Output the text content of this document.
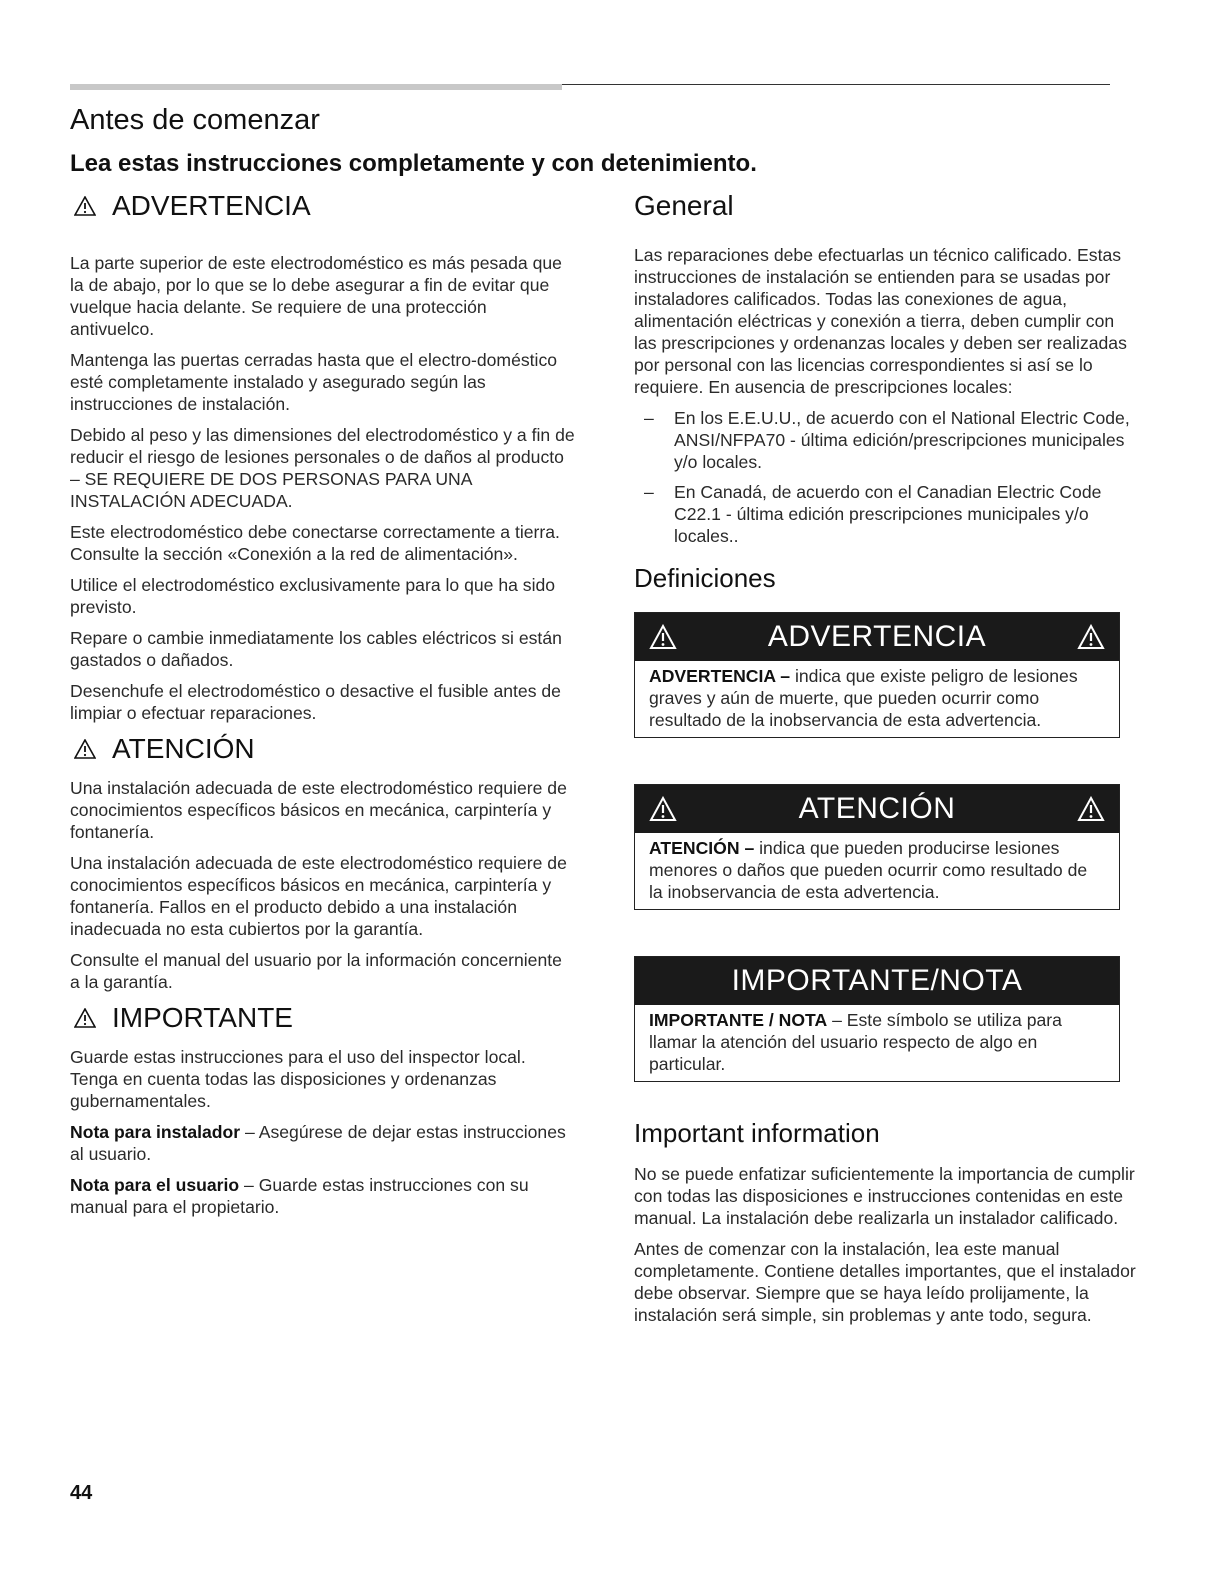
Antes de comenzar
Lea estas instrucciones completamente y con detenimiento.
ADVERTENCIA

La parte superior de este electrodoméstico es más pesada que la de abajo, por lo que se lo debe asegurar a fin de evitar que vuelque hacia delante. Se requiere de una protección antivuelco.

Mantenga las puertas cerradas hasta que el electro-doméstico esté completamente instalado y asegurado según las instrucciones de instalación.

Debido al peso y las dimensiones del electrodoméstico y a fin de reducir el riesgo de lesiones personales o de daños al producto – SE REQUIERE DE DOS PERSONAS PARA UNA INSTALACIÓN ADECUADA.

Este electrodoméstico debe conectarse correctamente a tierra. Consulte la sección «Conexión a la red de alimentación».

Utilice el electrodoméstico exclusivamente para lo que ha sido previsto.

Repare o cambie inmediatamente los cables eléctricos si están gastados o dañados.

Desenchufe el electrodoméstico o desactive el fusible antes de limpiar o efectuar reparaciones.

ATENCIÓN

Una instalación adecuada de este electrodoméstico requiere de conocimientos específicos básicos en mecánica, carpintería y fontanería.

Una instalación adecuada de este electrodoméstico requiere de conocimientos específicos básicos en mecánica, carpintería y fontanería. Fallos en el producto debido a una instalación inadecuada no esta cubiertos por la garantía.

Consulte el manual del usuario por la información concerniente a la garantía.

IMPORTANTE

Guarde estas instrucciones para el uso del inspector local. Tenga en cuenta todas las disposiciones y ordenanzas gubernamentales.

Nota para instalador – Asegúrese de dejar estas instrucciones al usuario.

Nota para el usuario – Guarde estas instrucciones con su manual para el propietario.

General

Las reparaciones debe efectuarlas un técnico calificado. Estas instrucciones de instalación se entienden para se usadas por instaladores calificados. Todas las conexiones de agua, alimentación eléctricas y conexión a tierra, deben cumplir con las prescripciones y ordenanzas locales y deben ser realizadas por personal con las licencias correspondientes si así se lo requiere. En ausencia de prescripciones locales:

– En los E.E.U.U., de acuerdo con el National Electric Code, ANSI/NFPA70 - última edición/prescripciones municipales y/o locales.
– En Canadá, de acuerdo con el Canadian Electric Code C22.1 - última edición prescripciones municipales y/o locales..
Definiciones
ADVERTENCIA
ADVERTENCIA – indica que existe peligro de lesiones graves y aún de muerte, que pueden ocurrir como resultado de la inobservancia de esta advertencia.
ATENCIÓN
ATENCIÓN – indica que pueden producirse lesiones menores o daños que pueden ocurrir como resultado de la inobservancia de esta advertencia.
IMPORTANTE/NOTA
IMPORTANTE / NOTA – Este símbolo se utiliza para llamar la atención del usuario respecto de algo en particular.
Important information

No se puede enfatizar suficientemente la importancia de cumplir con todas las disposiciones e instrucciones contenidas en este manual. La instalación debe realizarla un instalador calificado.

Antes de comenzar con la instalación, lea este manual completamente. Contiene detalles importantes, que el instalador debe observar. Siempre que se haya leído prolijamente, la instalación será simple, sin problemas y ante todo, segura.

44
